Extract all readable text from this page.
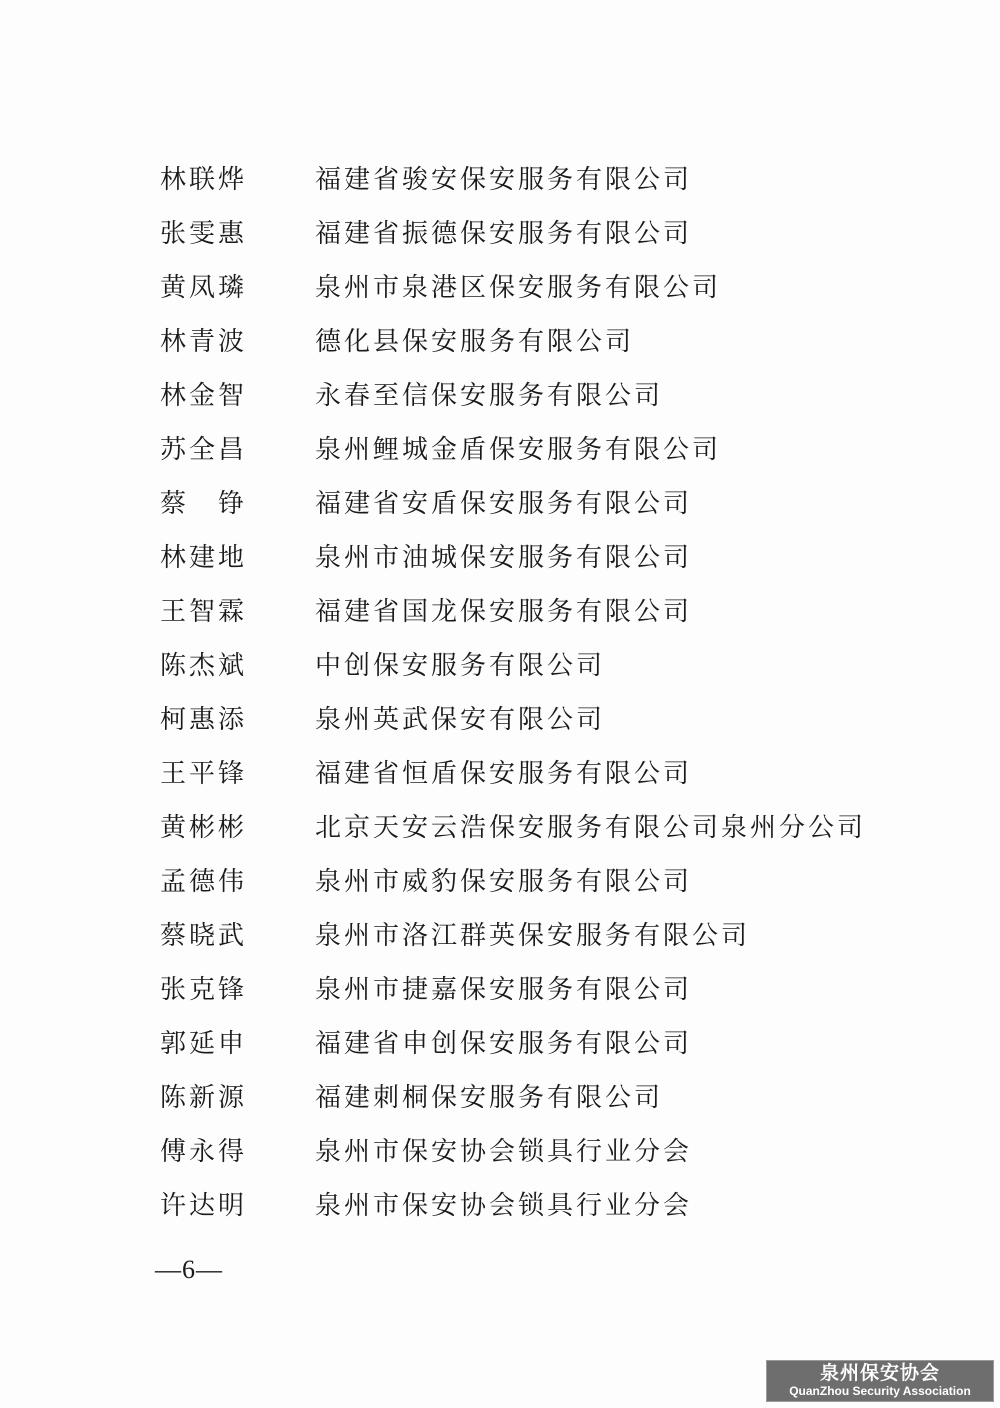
林联烨	福建省骏安保安服务有限公司
张雯惠	福建省振德保安服务有限公司
黄凤璘	泉州市泉港区保安服务有限公司
林青波	德化县保安服务有限公司
林金智	永春至信保安服务有限公司
苏全昌	泉州鲤城金盾保安服务有限公司
蔡　铮	福建省安盾保安服务有限公司
林建地	泉州市油城保安服务有限公司
王智霖	福建省国龙保安服务有限公司
陈杰斌	中创保安服务有限公司
柯惠添	泉州英武保安有限公司
王平锋	福建省恒盾保安服务有限公司
黄彬彬	北京天安云浩保安服务有限公司泉州分公司
孟德伟	泉州市威豹保安服务有限公司
蔡晓武	泉州市洛江群英保安服务有限公司
张克锋	泉州市捷嘉保安服务有限公司
郭延申	福建省申创保安服务有限公司
陈新源	福建刺桐保安服务有限公司
傅永得	泉州市保安协会锁具行业分会
许达明	泉州市保安协会锁具行业分会
—6—
泉州保安协会
QuanZhou Security Association
